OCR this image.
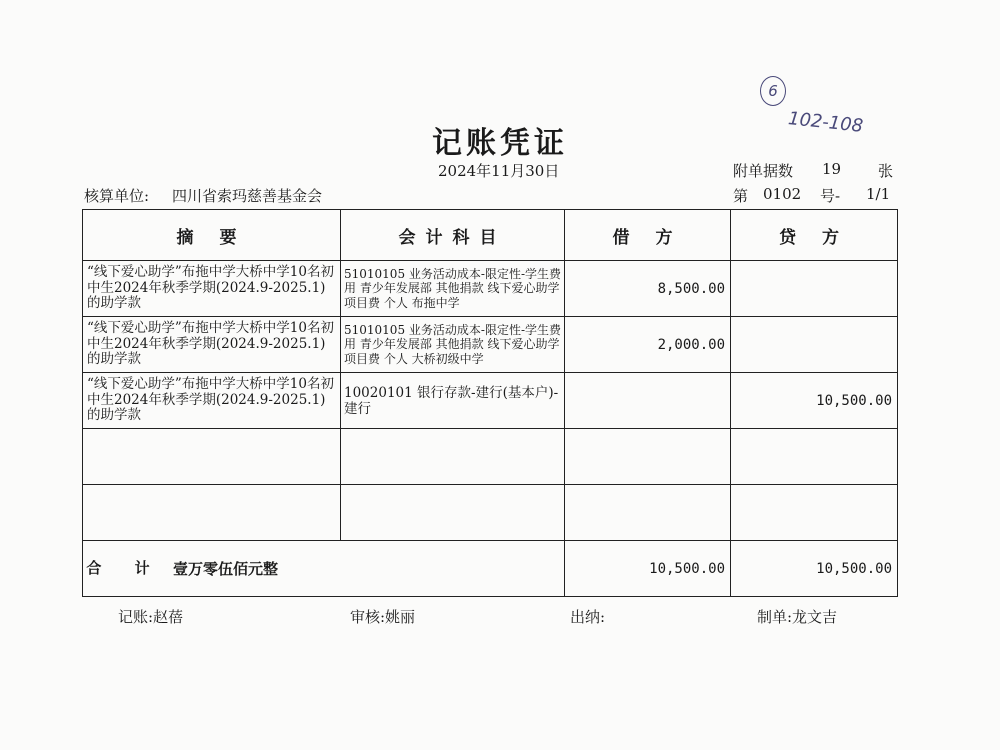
6
102-108
记账凭证
2024年11月30日	附单据数 19 张
核算单位: 四川省索玛慈善基金会	第 0102 号- 1/1
摘 要	会计科目	借 方	贷 方
“线下爱心助学”布拖中学大桥中学10名初中生2024年秋季学期(2024.9-2025.1)的助学款	51010105 业务活动成本-限定性-学生费用 青少年发展部 其他捐款 线下爱心助学 项目费 个人 布拖中学	8,500.00	
“线下爱心助学”布拖中学大桥中学10名初中生2024年秋季学期(2024.9-2025.1)的助学款	51010105 业务活动成本-限定性-学生费用 青少年发展部 其他捐款 线下爱心助学 项目费 个人 大桥初级中学	2,000.00	
“线下爱心助学”布拖中学大桥中学10名初中生2024年秋季学期(2024.9-2025.1)的助学款	10020101 银行存款-建行(基本户)-建行		10,500.00

合 计 壹万零伍佰元整		10,500.00	10,500.00
记账:赵蓓	审核:姚丽	出纳:	制单:龙文吉
